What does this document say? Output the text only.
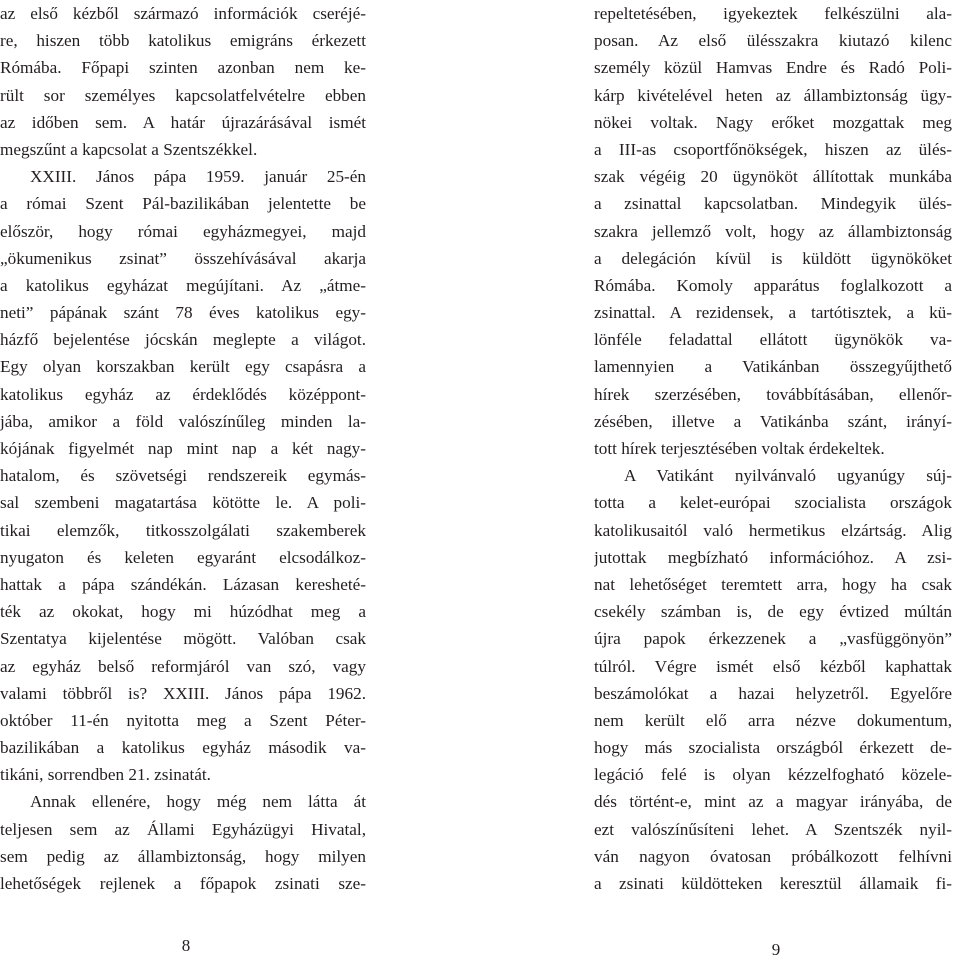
az első kézből származó információk cseréjé-
re, hiszen több katolikus emigráns érkezett
Rómába. Főpapi szinten azonban nem ke-
rült sor személyes kapcsolatfelvételre ebben
az időben sem. A határ újrazárásával ismét
megszűnt a kapcsolat a Szentszékkel.
XXIII. János pápa 1959. január 25-én
a római Szent Pál-bazilikában jelentette be
először, hogy római egyházmegyei, majd
„ökumenikus zsinat” összehívásával akarja
a katolikus egyházat megújítani. Az „átme-
neti” pápának szánt 78 éves katolikus egy-
házfő bejelentése jócskán meglepte a világot.
Egy olyan korszakban került egy csapásra a
katolikus egyház az érdeklődés középpont-
jába, amikor a föld valószínűleg minden la-
kójának figyelmét nap mint nap a két nagy-
hatalom, és szövetségi rendszereik egymás-
sal szembeni magatartása kötötte le. A poli-
tikai elemzők, titkosszolgálati szakemberek
nyugaton és keleten egyaránt elcsodálkoz-
hattak a pápa szándékán. Lázasan keresheté-
ték az okokat, hogy mi húzódhat meg a
Szentatya kijelentése mögött. Valóban csak
az egyház belső reformjáról van szó, vagy
valami többről is? XXIII. János pápa 1962.
október 11-én nyitotta meg a Szent Péter-
bazilikában a katolikus egyház második va-
tikáni, sorrendben 21. zsinatát.
Annak ellenére, hogy még nem látta át
teljesen sem az Állami Egyházügyi Hivatal,
sem pedig az állambiztonság, hogy milyen
lehetőségek rejlenek a főpapok zsinati sze-
8
repeltetésében, igyekeztek felkészülni ala-
posan. Az első ülésszakra kiutazó kilenc
személy közül Hamvas Endre és Radó Poli-
kárp kivételével heten az állambiztonság ügy-
nökei voltak. Nagy erőket mozgattak meg
a III-as csoportfőnökségek, hiszen az ülés-
szak végéig 20 ügynököt állítottak munkába
a zsinattal kapcsolatban. Mindegyik ülés-
szakra jellemző volt, hogy az állambiztonság
a delegáción kívül is küldött ügynököket
Rómába. Komoly apparátus foglalkozott a
zsinattal. A rezidensek, a tartótisztek, a kü-
lönféle feladattal ellátott ügynökök va-
lamennyien a Vatikánban összegyűjthető
hírek szerzésében, továbbításában, ellenőr-
zésében, illetve a Vatikánba szánt, irányí-
tott hírek terjesztésében voltak érdekeltek.
A Vatikánt nyilvánvaló ugyanúgy súj-
totta a kelet-európai szocialista országok
katolikusaitól való hermetikus elzártság. Alig
jutottak megbízható információhoz. A zsi-
nat lehetőséget teremtett arra, hogy ha csak
csekély számban is, de egy évtized múltán
újra papok érkezzenek a „vasfüggönyön”
túlról. Végre ismét első kézből kaphattak
beszámolókat a hazai helyzetről. Egyelőre
nem került elő arra nézve dokumentum,
hogy más szocialista országból érkezett de-
legáció felé is olyan kézzelfogható közele-
dés történt-e, mint az a magyar irányába, de
ezt valószínűsíteni lehet. A Szentszék nyil-
ván nagyon óvatosan próbálkozott felhívni
a zsinati küldötteken keresztül államaik fi-
9
